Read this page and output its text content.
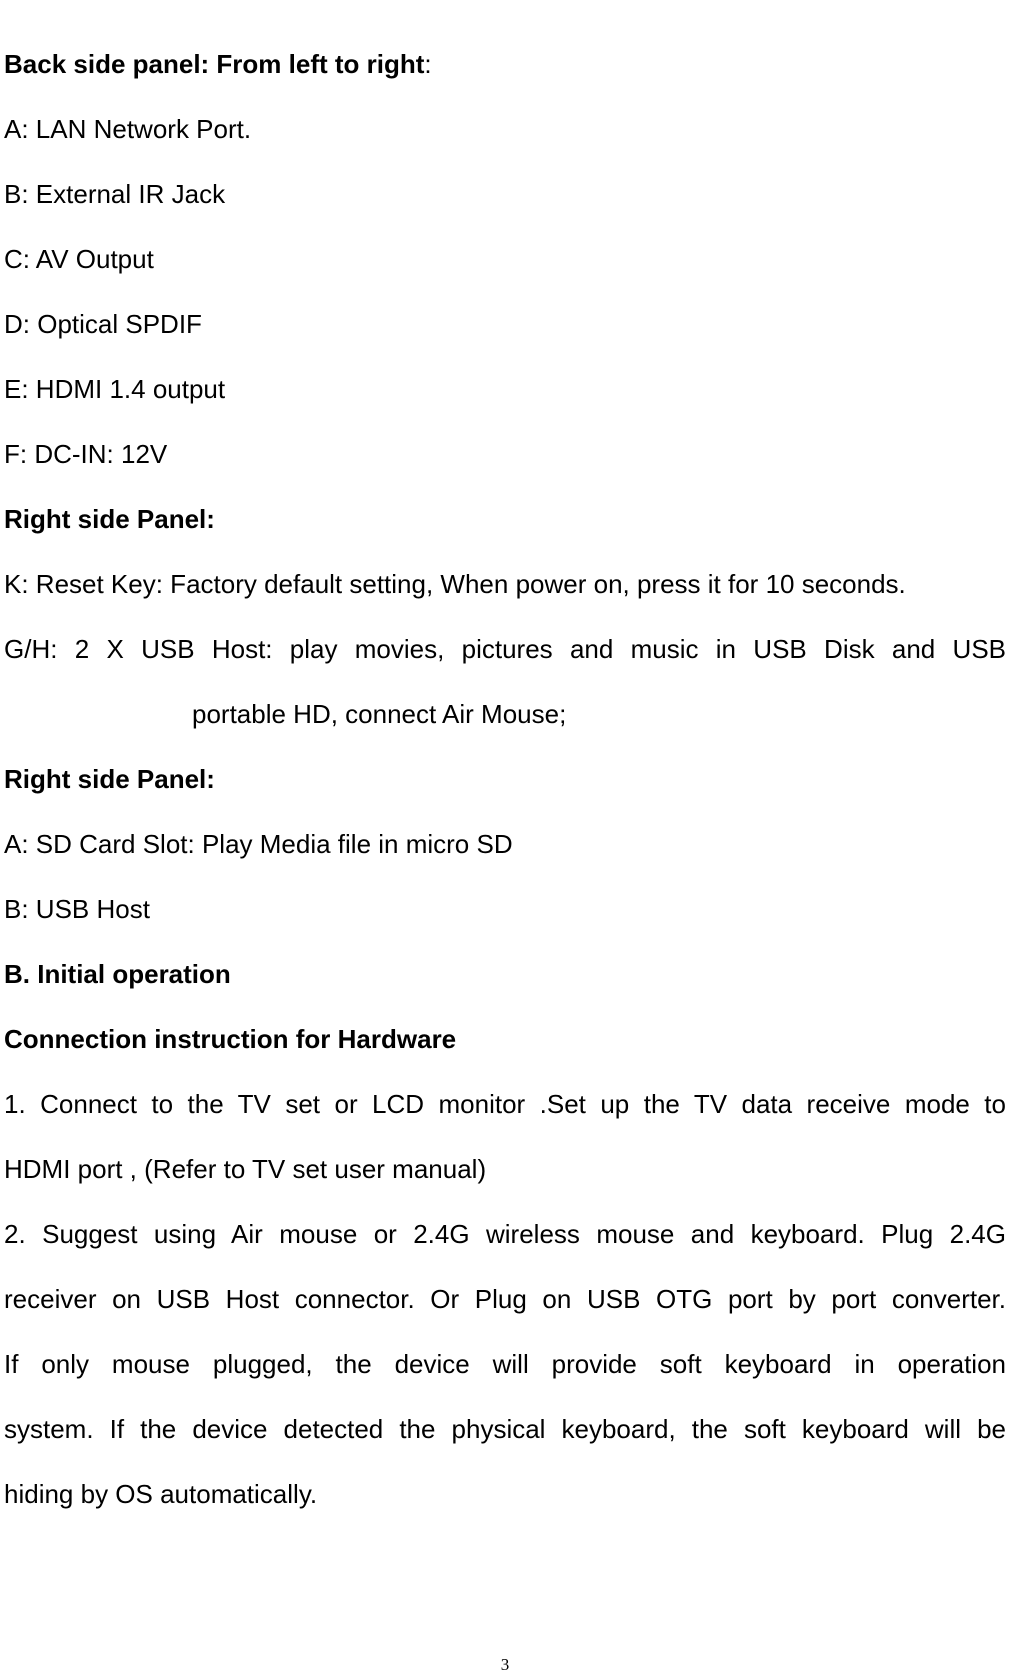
Back side panel: From left to right:
A: LAN Network Port.
B: External IR Jack
C: AV Output
D: Optical SPDIF
E: HDMI 1.4 output
F: DC-IN: 12V
Right side Panel:
K: Reset Key: Factory default setting, When power on, press it for 10 seconds.
G/H: 2 X USB Host: play movies, pictures and music in USB Disk and USB
portable HD, connect Air Mouse;
Right side Panel:
A: SD Card Slot: Play Media file in micro SD
B: USB Host
B. Initial operation
Connection instruction for Hardware
1. Connect to the TV set or LCD monitor .Set up the TV data receive mode to
HDMI port , (Refer to TV set user manual)
2. Suggest using Air mouse or 2.4G wireless mouse and keyboard. Plug 2.4G
receiver on USB Host connector. Or Plug on USB OTG port by port converter.
If only mouse plugged, the device will provide soft keyboard in operation
system. If the device detected the physical keyboard, the soft keyboard will be
hiding by OS automatically.
3
